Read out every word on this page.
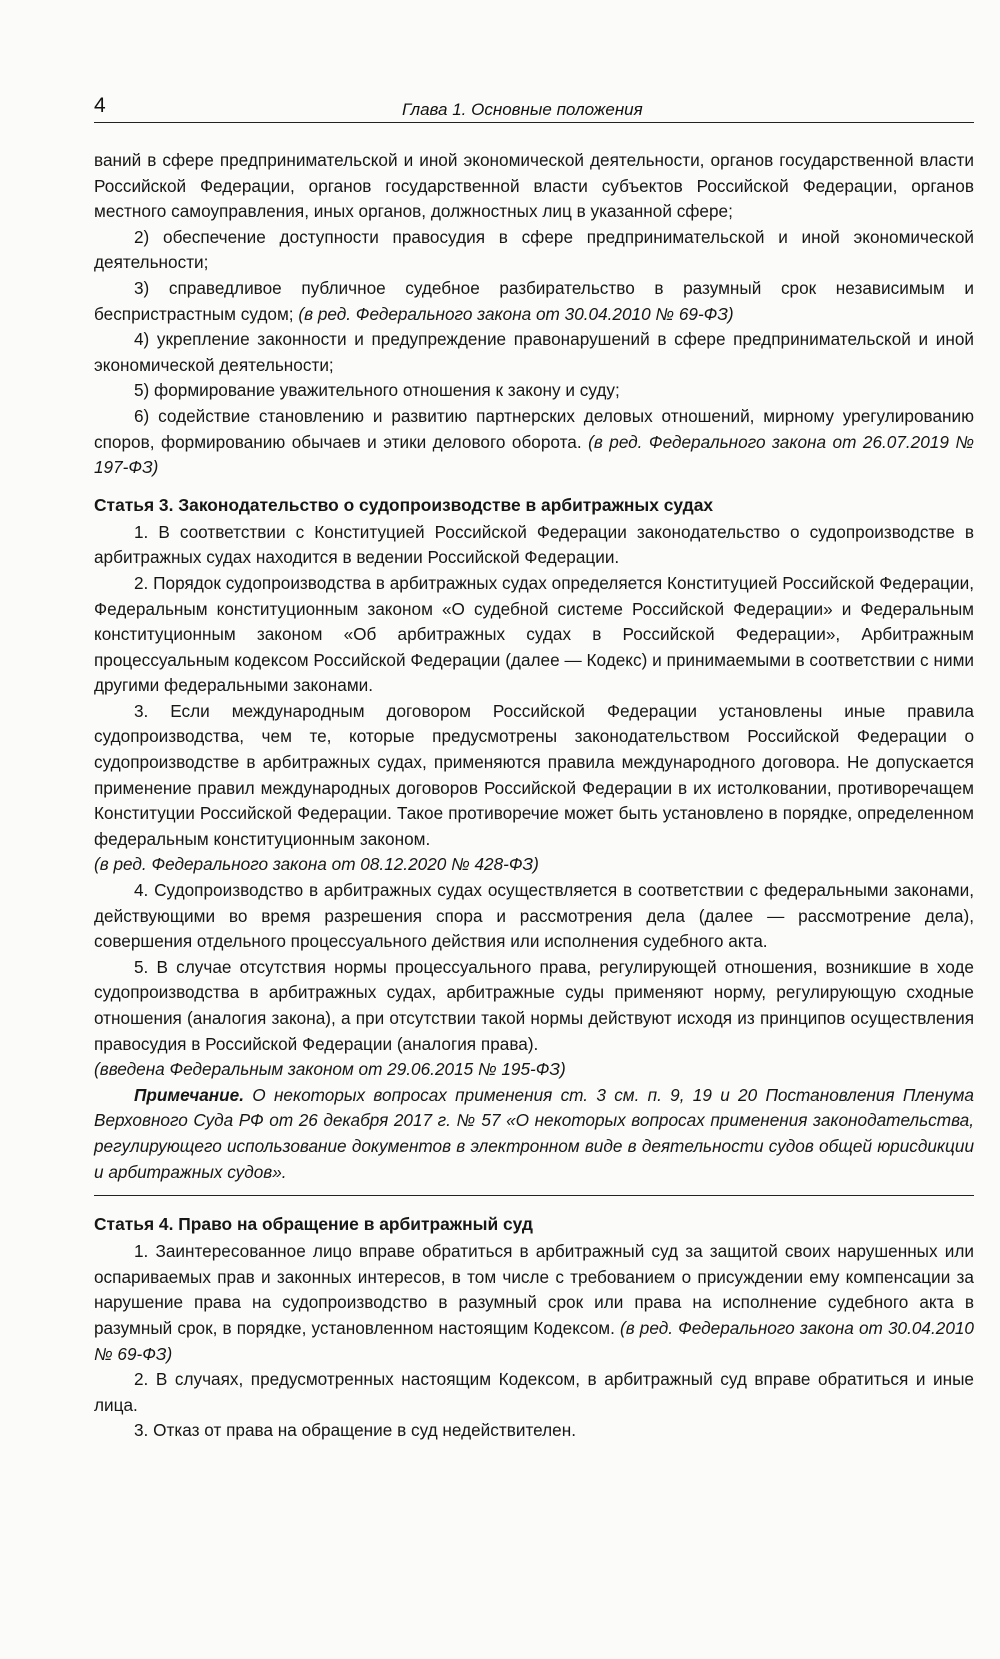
4	Глава 1. Основные положения

ваний в сфере предпринимательской и иной экономической деятельности, органов государственной власти Российской Федерации, органов государственной власти субъектов Российской Федерации, органов местного самоуправления, иных органов, должностных лиц в указанной сфере;

2) обеспечение доступности правосудия в сфере предпринимательской и иной экономической деятельности;

3) справедливое публичное судебное разбирательство в разумный срок независимым и беспристрастным судом; (в ред. Федерального закона от 30.04.2010 № 69-ФЗ)

4) укрепление законности и предупреждение правонарушений в сфере предпринимательской и иной экономической деятельности;

5) формирование уважительного отношения к закону и суду;

6) содействие становлению и развитию партнерских деловых отношений, мирному урегулированию споров, формированию обычаев и этики делового оборота. (в ред. Федерального закона от 26.07.2019 № 197-ФЗ)

Статья 3. Законодательство о судопроизводстве в арбитражных судах

1. В соответствии с Конституцией Российской Федерации законодательство о судопроизводстве в арбитражных судах находится в ведении Российской Федерации.

2. Порядок судопроизводства в арбитражных судах определяется Конституцией Российской Федерации, Федеральным конституционным законом «О судебной системе Российской Федерации» и Федеральным конституционным законом «Об арбитражных судах в Российской Федерации», Арбитражным процессуальным кодексом Российской Федерации (далее — Кодекс) и принимаемыми в соответствии с ними другими федеральными законами.

3. Если международным договором Российской Федерации установлены иные правила судопроизводства, чем те, которые предусмотрены законодательством Российской Федерации о судопроизводстве в арбитражных судах, применяются правила международного договора. Не допускается применение правил международных договоров Российской Федерации в их истолковании, противоречащем Конституции Российской Федерации. Такое противоречие может быть установлено в порядке, определенном федеральным конституционным законом.

(в ред. Федерального закона от 08.12.2020 № 428-ФЗ)

4. Судопроизводство в арбитражных судах осуществляется в соответствии с федеральными законами, действующими во время разрешения спора и рассмотрения дела (далее — рассмотрение дела), совершения отдельного процессуального действия или исполнения судебного акта.

5. В случае отсутствия нормы процессуального права, регулирующей отношения, возникшие в ходе судопроизводства в арбитражных судах, арбитражные суды применяют норму, регулирующую сходные отношения (аналогия закона), а при отсутствии такой нормы действуют исходя из принципов осуществления правосудия в Российской Федерации (аналогия права).

(введена Федеральным законом от 29.06.2015 № 195-ФЗ)

Примечание. О некоторых вопросах применения ст. 3 см. п. 9, 19 и 20 Постановления Пленума Верховного Суда РФ от 26 декабря 2017 г. № 57 «О некоторых вопросах применения законодательства, регулирующего использование документов в электронном виде в деятельности судов общей юрисдикции и арбитражных судов».

Статья 4. Право на обращение в арбитражный суд

1. Заинтересованное лицо вправе обратиться в арбитражный суд за защитой своих нарушенных или оспариваемых прав и законных интересов, в том числе с требованием о присуждении ему компенсации за нарушение права на судопроизводство в разумный срок или права на исполнение судебного акта в разумный срок, в порядке, установленном настоящим Кодексом. (в ред. Федерального закона от 30.04.2010 № 69-ФЗ)

2. В случаях, предусмотренных настоящим Кодексом, в арбитражный суд вправе обратиться и иные лица.

3. Отказ от права на обращение в суд недействителен.
